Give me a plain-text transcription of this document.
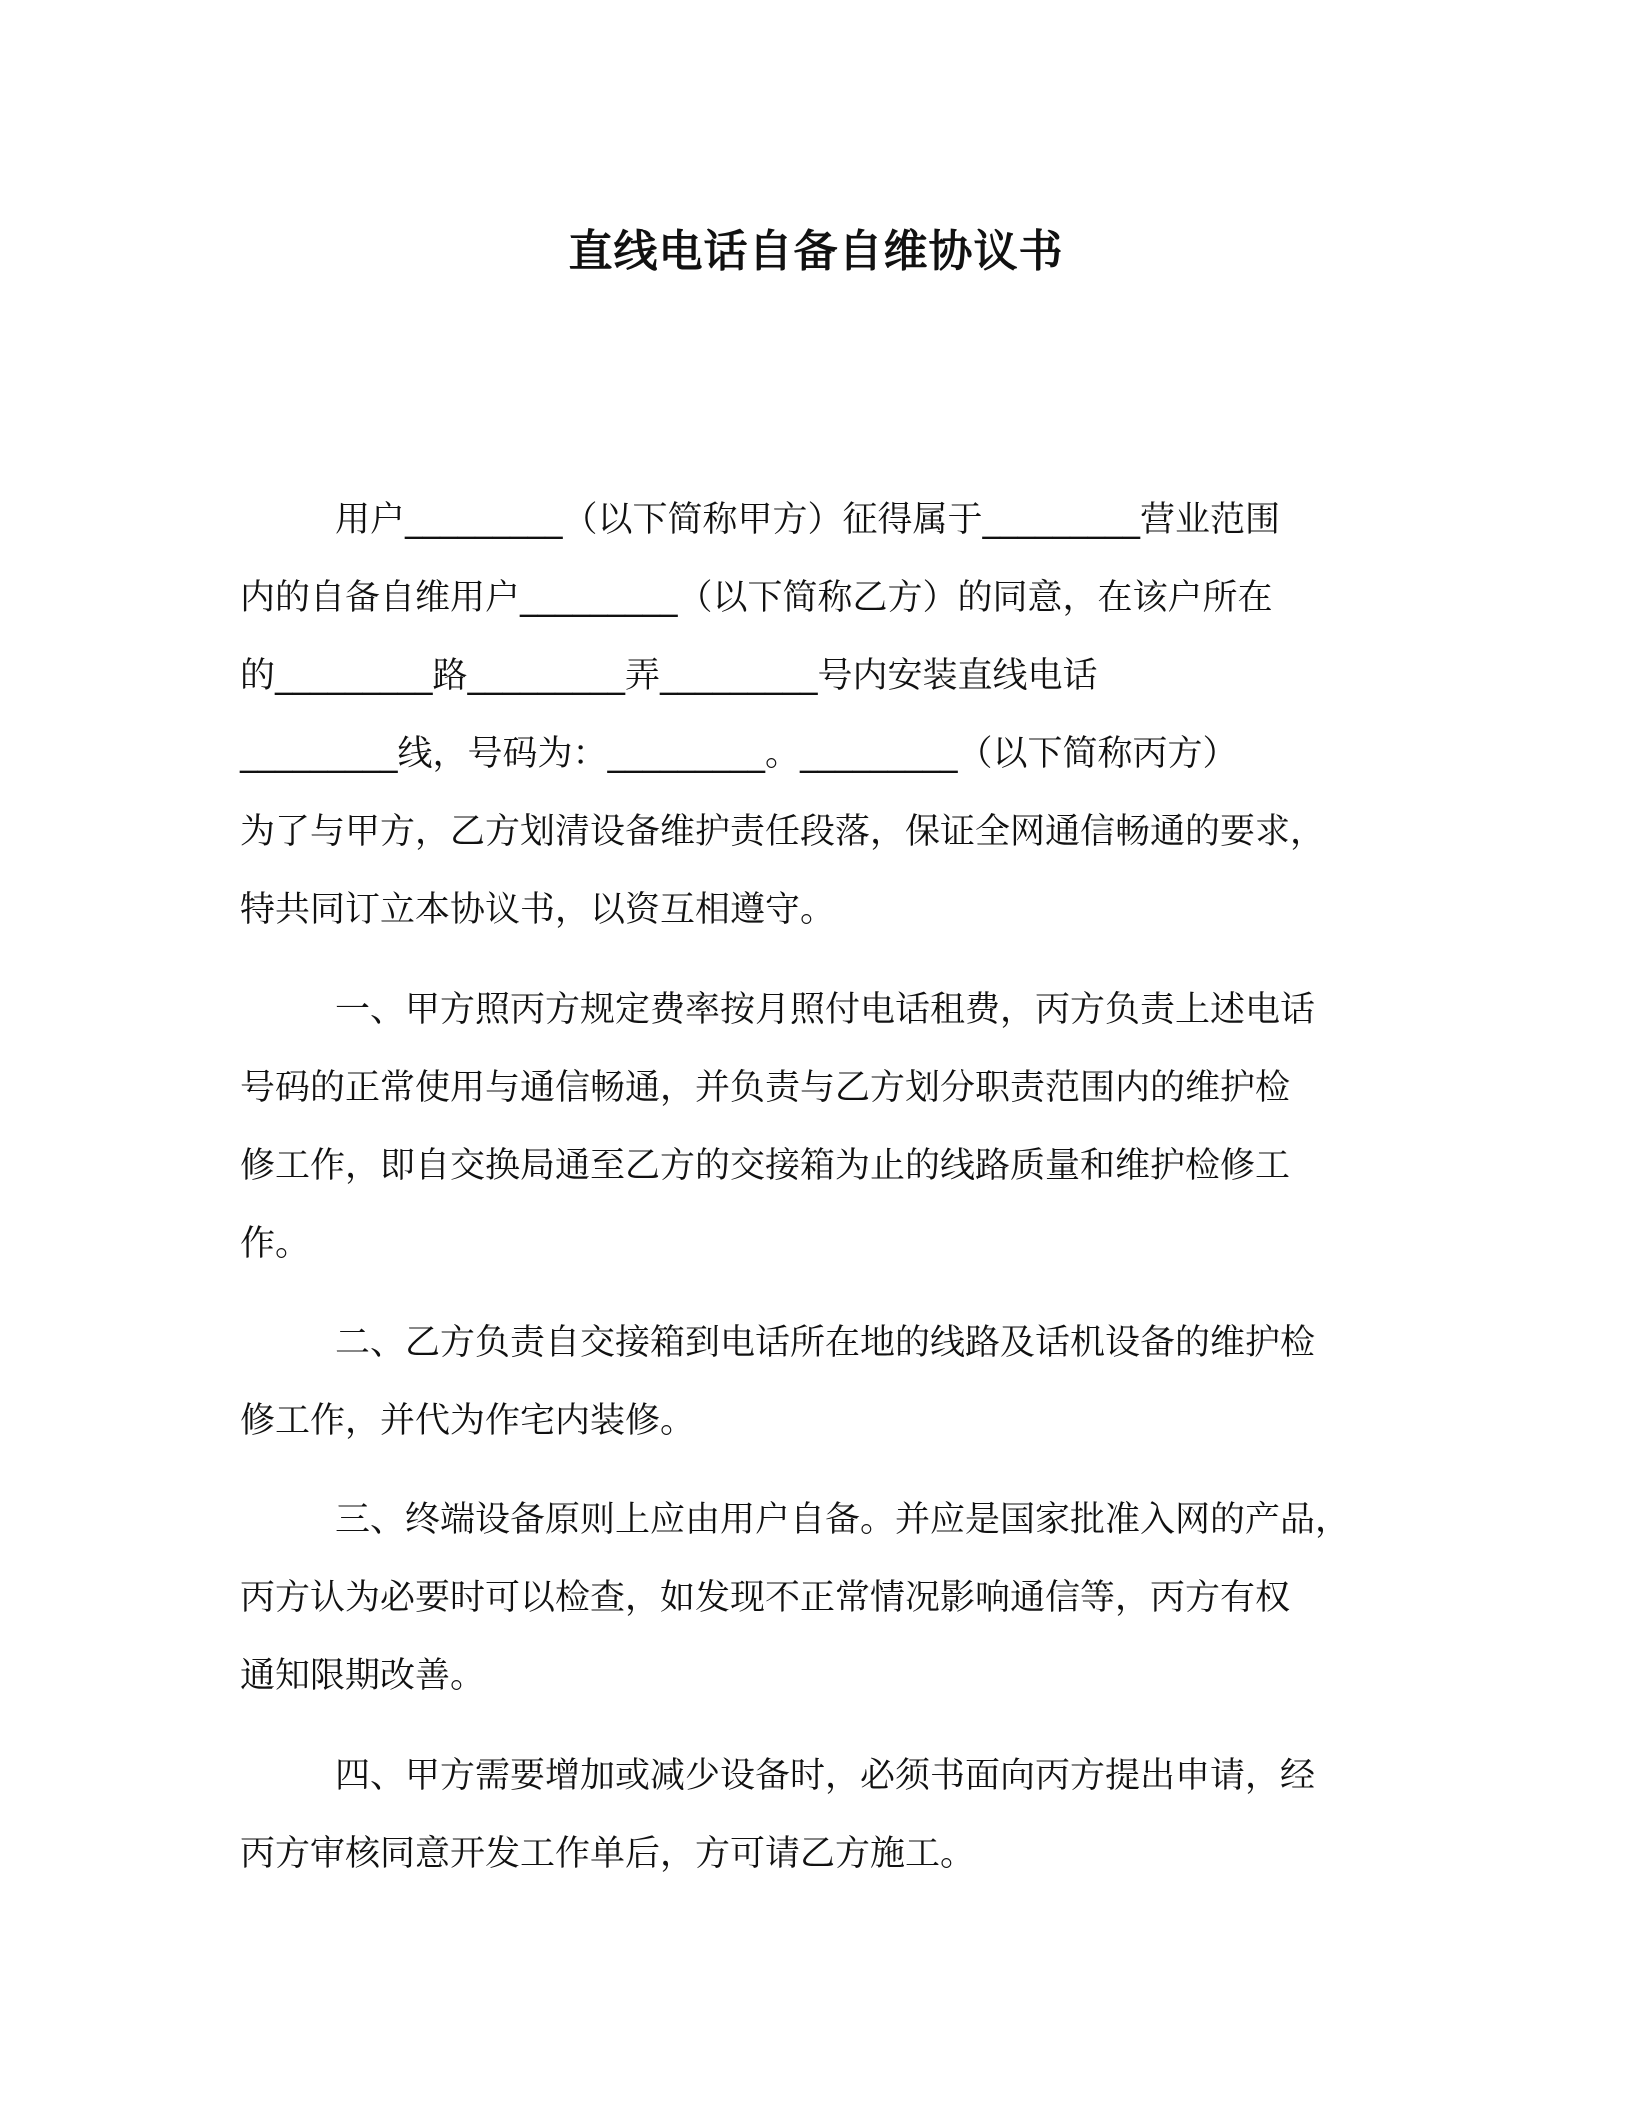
直线电话自备自维协议书
用户_________（以下简称甲方）征得属于_________营业范围
内的自备自维用户_________（以下简称乙方）的同意，在该户所在
的_________路_________弄_________号内安装直线电话
_________线，号码为：_________。_________（以下简称丙方）
为了与甲方，乙方划清设备维护责任段落，保证全网通信畅通的要求，
特共同订立本协议书，以资互相遵守。
一、甲方照丙方规定费率按月照付电话租费，丙方负责上述电话
号码的正常使用与通信畅通，并负责与乙方划分职责范围内的维护检
修工作，即自交换局通至乙方的交接箱为止的线路质量和维护检修工
作。
二、乙方负责自交接箱到电话所在地的线路及话机设备的维护检
修工作，并代为作宅内装修。
三、终端设备原则上应由用户自备。并应是国家批准入网的产品，
丙方认为必要时可以检查，如发现不正常情况影响通信等，丙方有权
通知限期改善。
四、甲方需要增加或减少设备时，必须书面向丙方提出申请，经
丙方审核同意开发工作单后，方可请乙方施工。
